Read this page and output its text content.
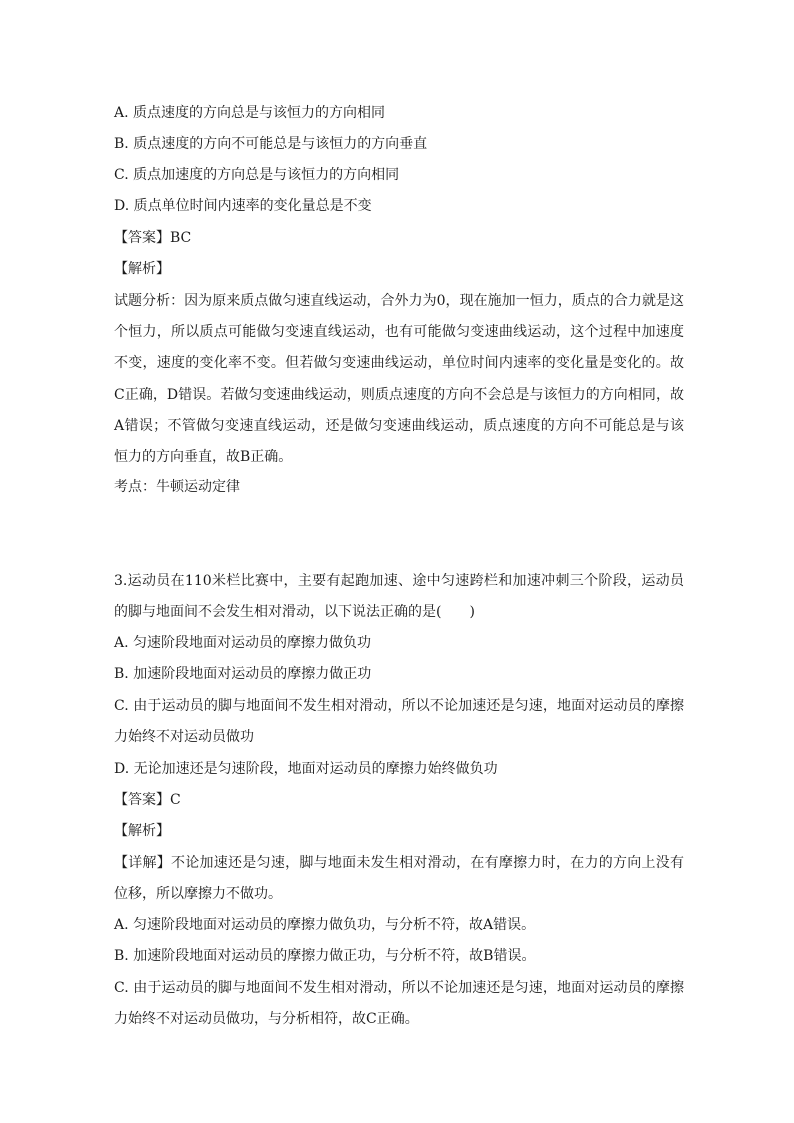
A. 质点速度的方向总是与该恒力的方向相同
B. 质点速度的方向不可能总是与该恒力的方向垂直
C. 质点加速度的方向总是与该恒力的方向相同
D. 质点单位时间内速率的变化量总是不变
【答案】BC
【解析】
试题分析：因为原来质点做匀速直线运动，合外力为0，现在施加一恒力，质点的合力就是这个恒力，所以质点可能做匀变速直线运动，也有可能做匀变速曲线运动，这个过程中加速度不变，速度的变化率不变。但若做匀变速曲线运动，单位时间内速率的变化量是变化的。故C正确，D错误。若做匀变速曲线运动，则质点速度的方向不会总是与该恒力的方向相同，故A错误；不管做匀变速直线运动，还是做匀变速曲线运动，质点速度的方向不可能总是与该恒力的方向垂直，故B正确。
考点：牛顿运动定律
3.运动员在110米栏比赛中，主要有起跑加速、途中匀速跨栏和加速冲刺三个阶段，运动员的脚与地面间不会发生相对滑动，以下说法正确的是(　　)
A. 匀速阶段地面对运动员的摩擦力做负功
B. 加速阶段地面对运动员的摩擦力做正功
C. 由于运动员的脚与地面间不发生相对滑动，所以不论加速还是匀速，地面对运动员的摩擦力始终不对运动员做功
D. 无论加速还是匀速阶段，地面对运动员的摩擦力始终做负功
【答案】C
【解析】
【详解】不论加速还是匀速，脚与地面未发生相对滑动，在有摩擦力时，在力的方向上没有位移，所以摩擦力不做功。
A. 匀速阶段地面对运动员的摩擦力做负功，与分析不符，故A错误。
B. 加速阶段地面对运动员的摩擦力做正功，与分析不符，故B错误。
C. 由于运动员的脚与地面间不发生相对滑动，所以不论加速还是匀速，地面对运动员的摩擦力始终不对运动员做功，与分析相符，故C正确。
